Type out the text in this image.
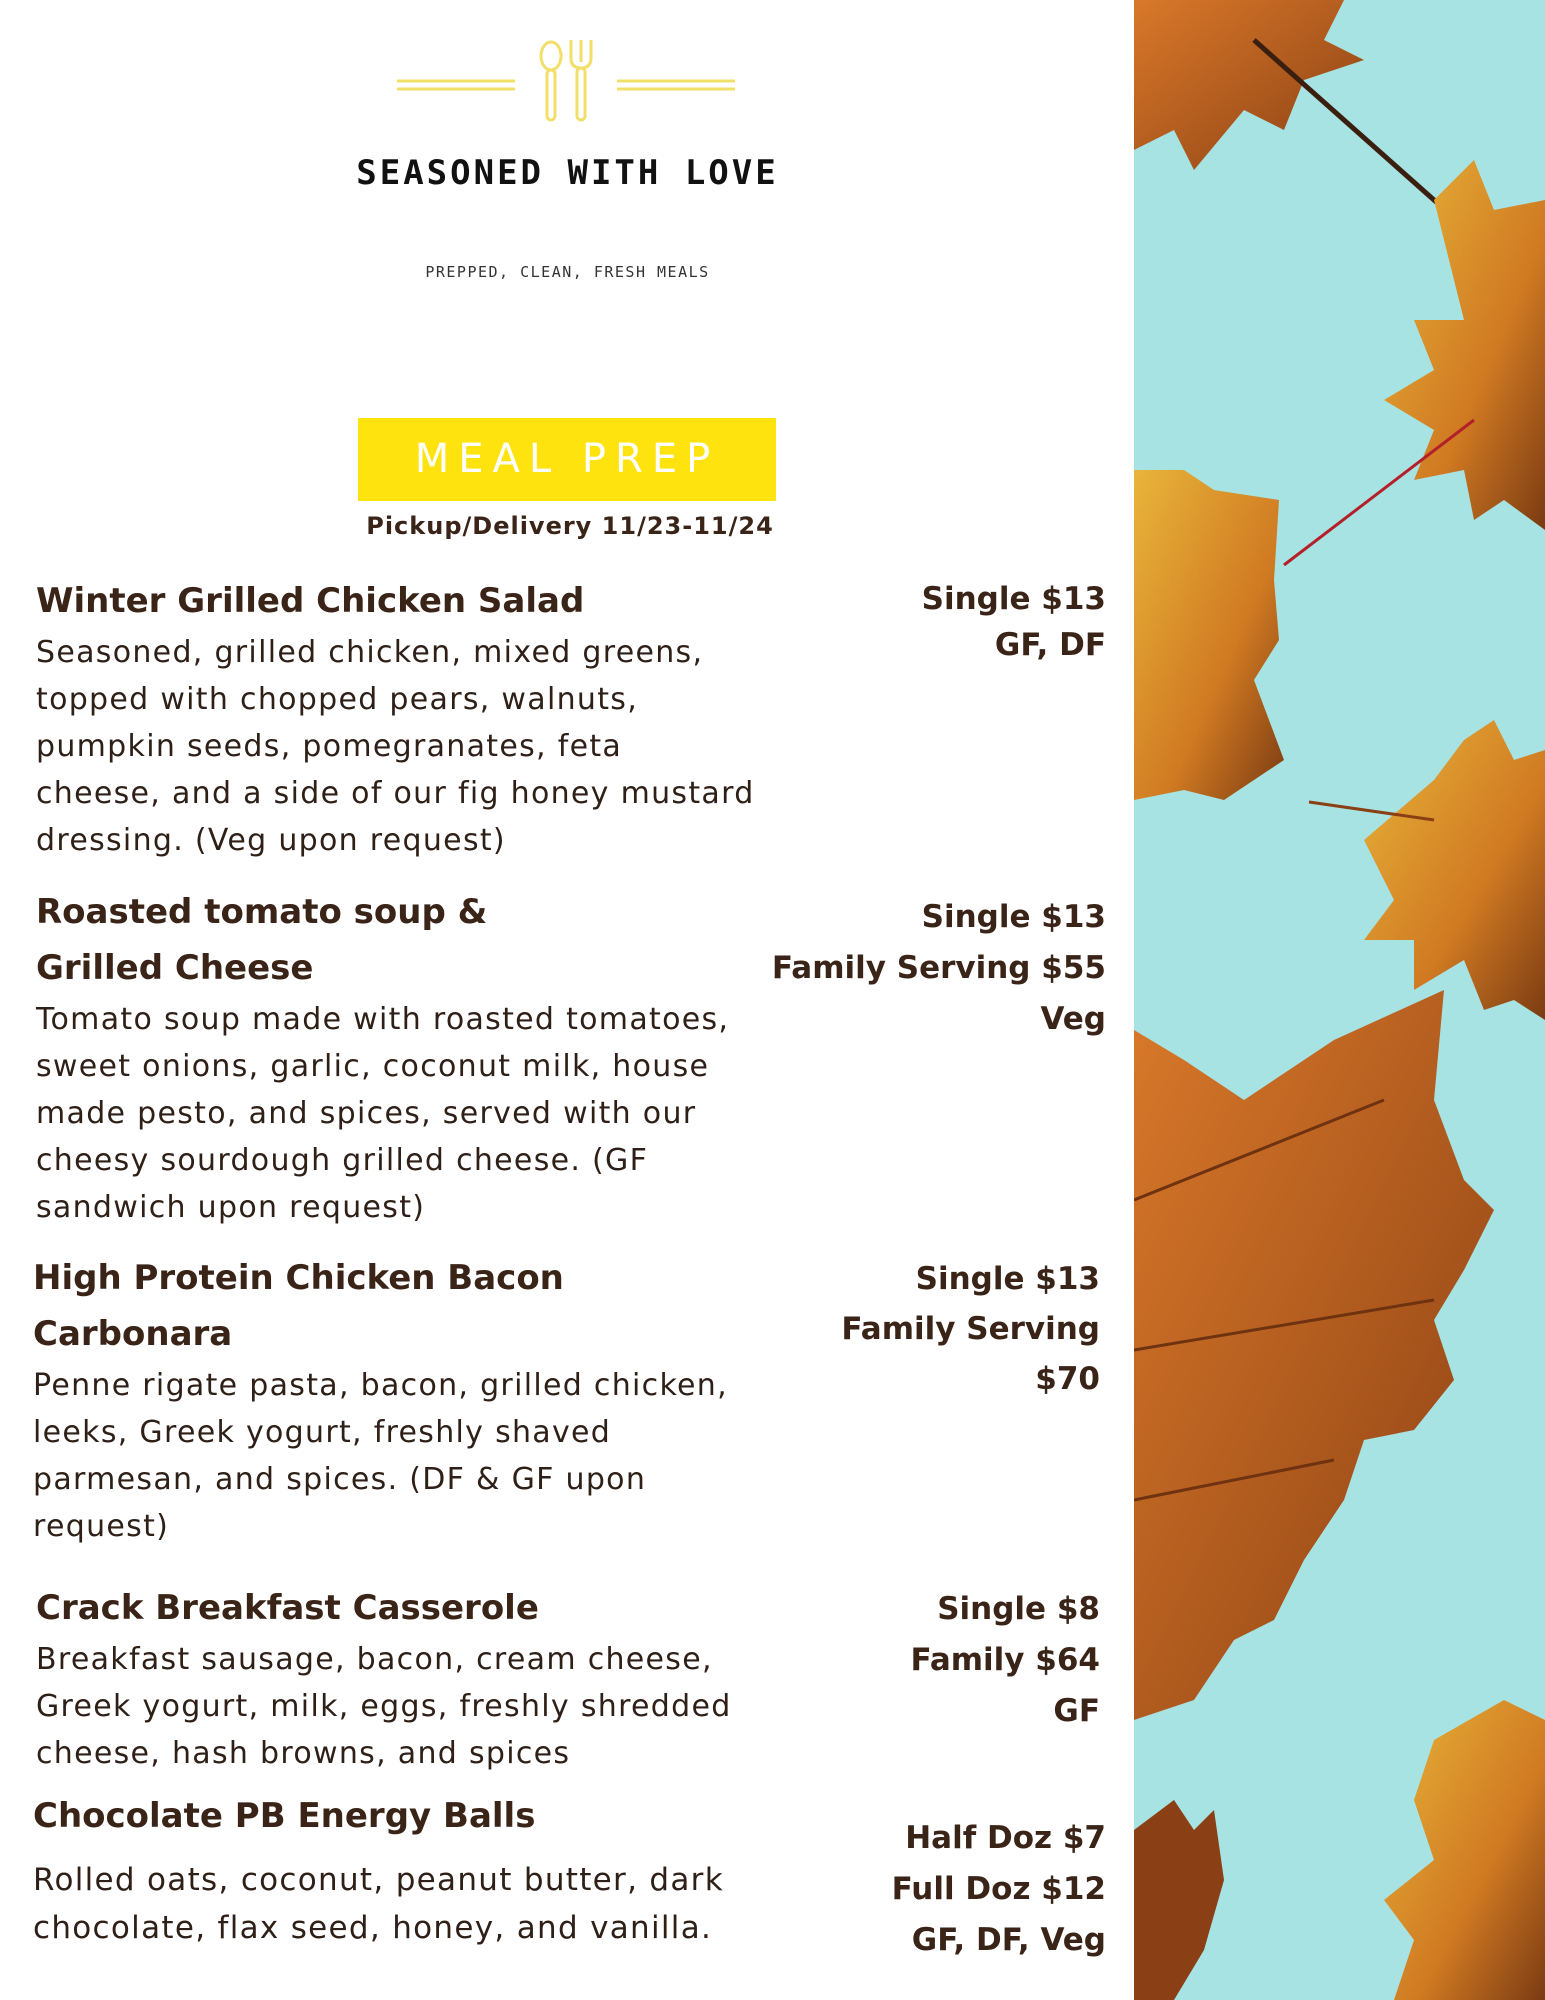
SEASONED WITH LOVE
PREPPED, CLEAN, FRESH MEALS
MEAL PREP
Pickup/Delivery 11/23-11/24
Winter Grilled Chicken Salad
Seasoned, grilled chicken, mixed greens,
topped with chopped pears, walnuts,
pumpkin seeds, pomegranates, feta
cheese, and a side of our fig honey mustard
dressing. (Veg upon request)
Single $13
GF, DF
Roasted tomato soup &
Grilled Cheese
Tomato soup made with roasted tomatoes,
sweet onions, garlic, coconut milk, house
made pesto, and spices, served with our
cheesy sourdough grilled cheese. (GF
sandwich upon request)
Single $13
Family Serving $55
Veg
High Protein Chicken Bacon
Carbonara
Penne rigate pasta, bacon, grilled chicken,
leeks, Greek yogurt, freshly shaved
parmesan, and spices. (DF & GF upon
request)
Single $13
Family Serving
$70
Crack Breakfast Casserole
Breakfast sausage, bacon, cream cheese,
Greek yogurt, milk, eggs, freshly shredded
cheese, hash browns, and spices
Single $8
Family $64
GF
Chocolate PB Energy Balls
Rolled oats, coconut, peanut butter, dark
chocolate, flax seed, honey, and vanilla.
Half Doz $7
Full Doz $12
GF, DF, Veg
